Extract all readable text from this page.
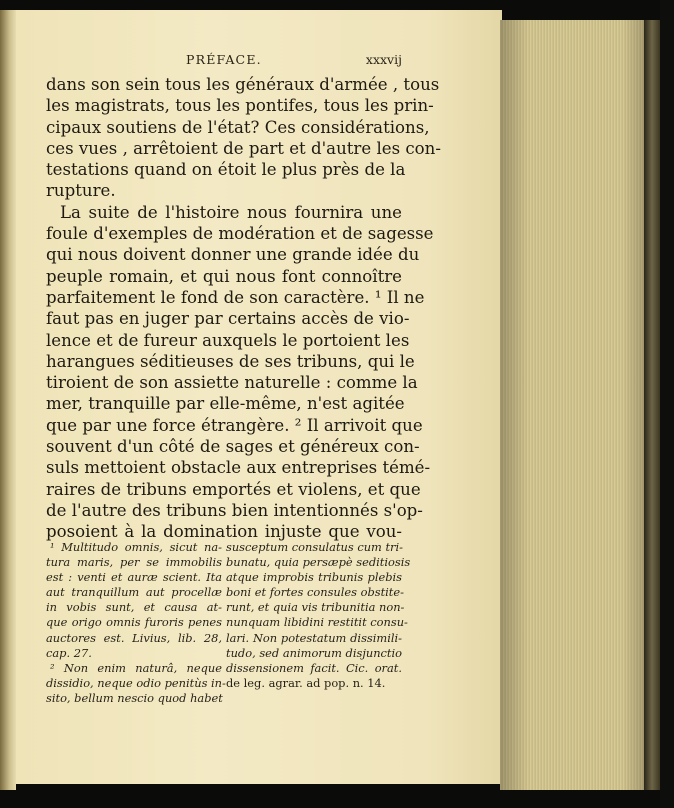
PRÉFACE.	xxxvij
dans son sein tous les généraux d'armée , tous
les magistrats, tous les pontifes, tous les prin-
cipaux soutiens de l'état? Ces considérations,
ces vues , arrêtoient de part et d'autre les con-
testations quand on étoit le plus près de la
rupture.
La suite de l'histoire nous fournira une
foule d'exemples de modération et de sagesse
qui nous doivent donner une grande idée du
peuple romain, et qui nous font connoître
parfaitement le fond de son caractère. ¹ Il ne
faut pas en juger par certains accès de vio-
lence et de fureur auxquels le portoient les
harangues séditieuses de ses tribuns, qui le
tiroient de son assiette naturelle : comme la
mer, tranquille par elle-même, n'est agitée
que par une force étrangère. ² Il arrivoit que
souvent d'un côté de sages et généreux con-
suls mettoient obstacle aux entreprises témé-
raires de tribuns emportés et violens, et que
de l'autre des tribuns bien intentionnés s'op-
posoient à la domination injuste que vou-
¹ Multitudo omnis, sicut na-
tura maris, per se immobilis
est : venti et auræ scient. Ita
aut tranquillum aut procellæ
in vobis sunt, et causa at-
que origo omnis furoris penes
auctores est. Livius, lib. 28,
cap. 27.
² Non enim naturâ, neque
dissidio, neque odio penitùs in-
sito, bellum nescio quod habet
susceptum consulatus cum tri-
bunatu, quia persæpè seditiosis
atque improbis tribunis plebis
boni et fortes consules obstite-
runt, et quia vis tribunitia non-
nunquam libidini restitit consu-
lari. Non potestatum dissimili-
tudo, sed animorum disjunctio
dissensionem facit. Cic. orat.
de leg. agrar. ad pop. n. 14.
